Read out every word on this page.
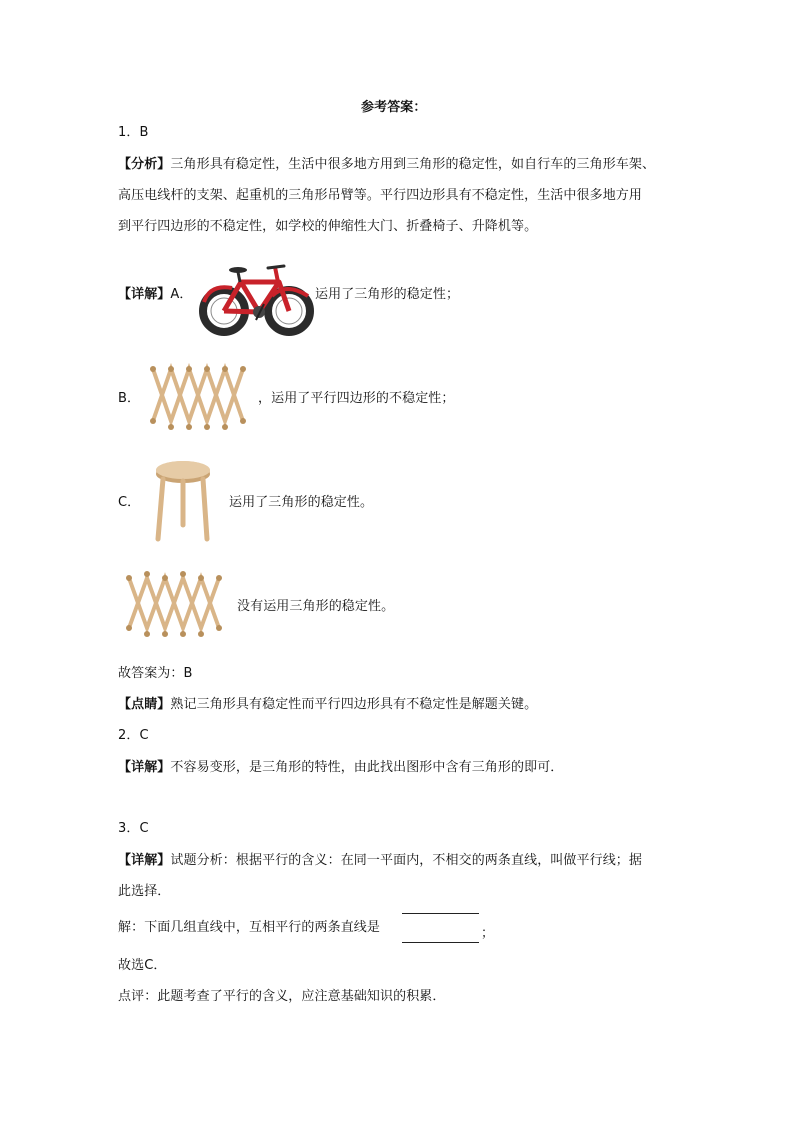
参考答案：
1．B
【分析】三角形具有稳定性，生活中很多地方用到三角形的稳定性，如自行车的三角形车架、
高压电线杆的支架、起重机的三角形吊臂等。平行四边形具有不稳定性，生活中很多地方用
到平行四边形的不稳定性，如学校的伸缩性大门、折叠椅子、升降机等。
【详解】A．	运用了三角形的稳定性；
B．	，运用了平行四边形的不稳定性；
C．	运用了三角形的稳定性。
没有运用三角形的稳定性。
故答案为：B
【点睛】熟记三角形具有稳定性而平行四边形具有不稳定性是解题关键。
2．C
【详解】不容易变形，是三角形的特性，由此找出图形中含有三角形的即可．
3．C
【详解】试题分析：根据平行的含义：在同一平面内，不相交的两条直线，叫做平行线；据
此选择．
解：下面几组直线中，互相平行的两条直线是	；
故选C．
点评：此题考查了平行的含义，应注意基础知识的积累．
